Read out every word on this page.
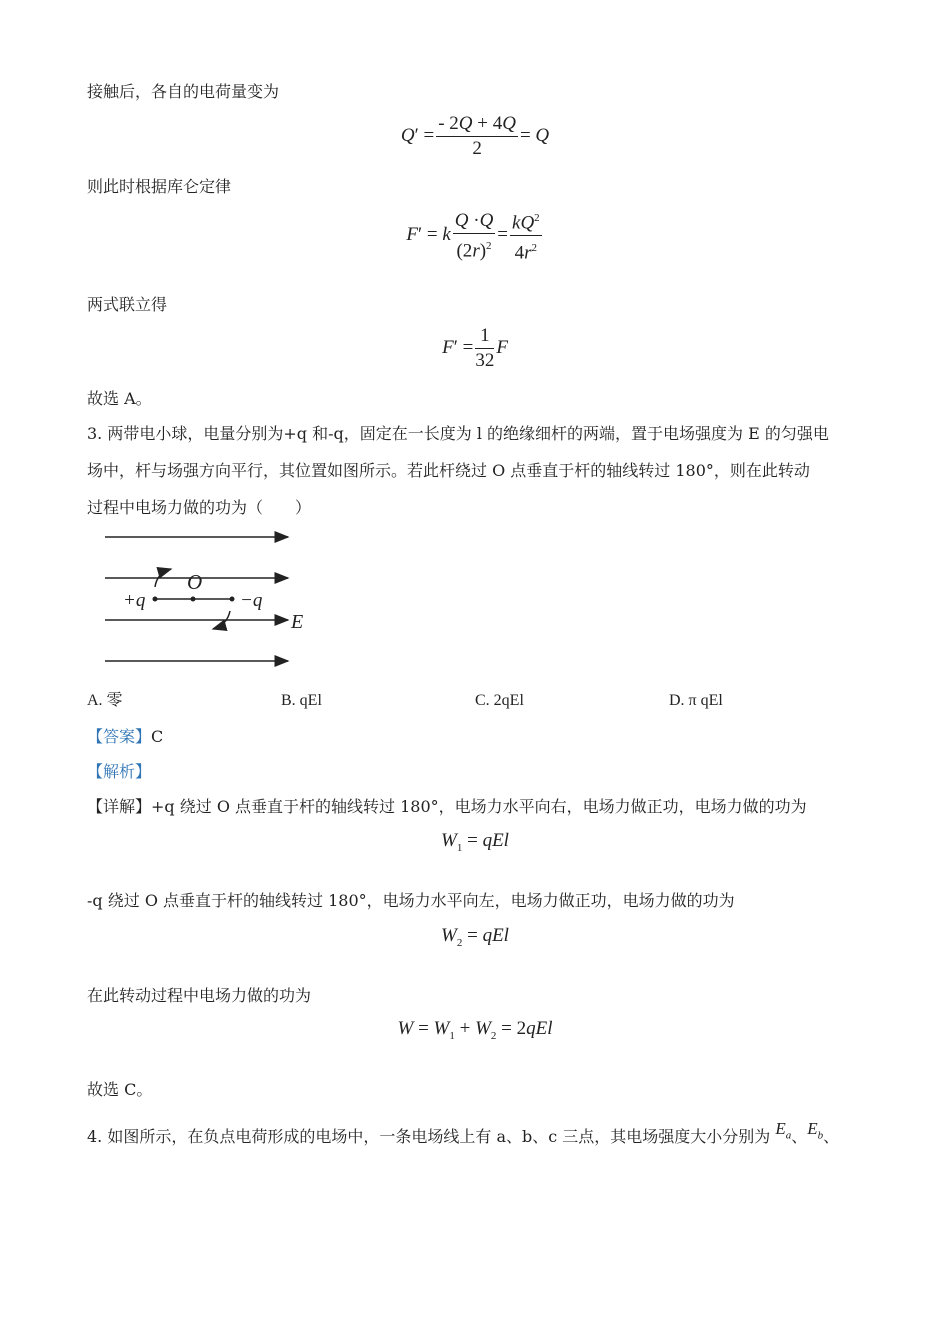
接触后，各自的电荷量变为
$Q' = \frac{- 2Q + 4Q}{2} = Q$
则此时根据库仑定律
F′ = k $\frac{Q \cdot Q}{(2r)^2} = \frac{kQ^2}{4r^2}$
两式联立得
$F' = \frac{1}{32}$ F
故选 A。
3. 两带电小球，电量分别为+q 和-q，固定在一长度为 l 的绝缘细杆的两端，置于电场强度为 E 的匀强电
场中，杆与场强方向平行，其位置如图所示。若此杆绕过 O 点垂直于杆的轴线转过 180°，则在此转动
过程中电场力做的功为（　　）
O
+q	−q
E
A. 零	B. qEl	C. 2qEl	D. π qEl
【答案】C
【解析】
【详解】+q 绕过 O 点垂直于杆的轴线转过 180°，电场力水平向右，电场力做正功，电场力做的功为
$W_1$ = qEl
-q 绕过 O 点垂直于杆的轴线转过 180°，电场力水平向左，电场力做正功，电场力做的功为
$W_2$ = qEl
在此转动过程中电场力做的功为
$W = W_1 + W_2 = 2qEl$
故选 C。
4. 如图所示，在负点电荷形成的电场中，一条电场线上有 a、b、c 三点，其电场强度大小分别为 $E_a$、$E_b$、
